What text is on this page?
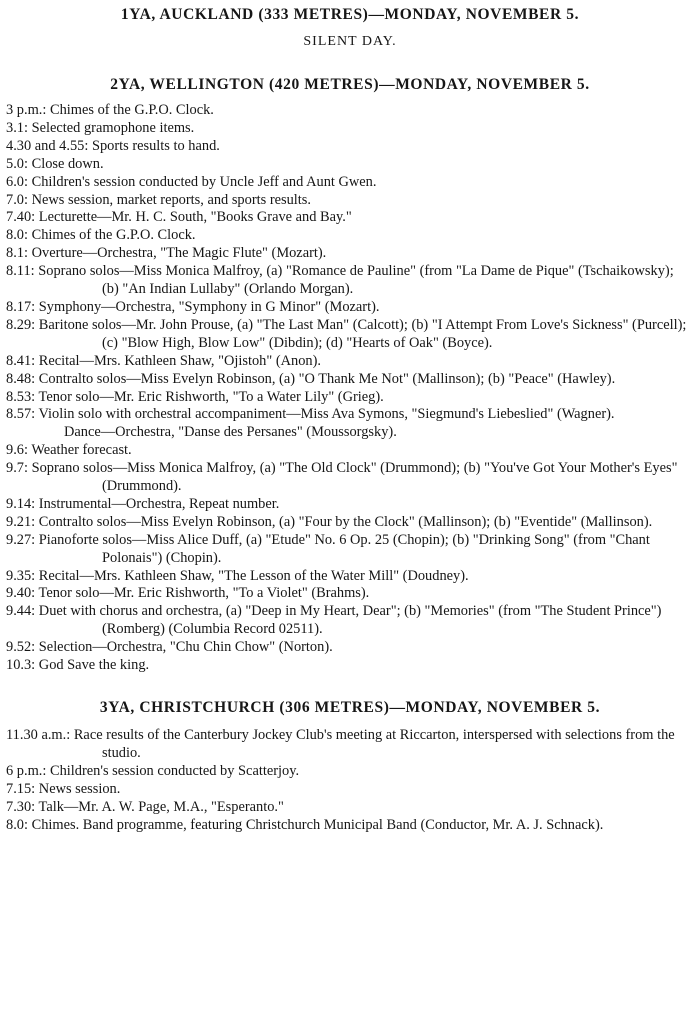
1YA, AUCKLAND (333 METRES)—MONDAY, NOVEMBER 5.
SILENT DAY.
2YA, WELLINGTON (420 METRES)—MONDAY, NOVEMBER 5.
3 p.m.: Chimes of the G.P.O. Clock.
3.1: Selected gramophone items.
4.30 and 4.55: Sports results to hand.
5.0: Close down.
6.0: Children's session conducted by Uncle Jeff and Aunt Gwen.
7.0: News session, market reports, and sports results.
7.40: Lecturette—Mr. H. C. South, "Books Grave and Bay."
8.0: Chimes of the G.P.O. Clock.
8.1: Overture—Orchestra, "The Magic Flute" (Mozart).
8.11: Soprano solos—Miss Monica Malfroy, (a) "Romance de Pauline" (from "La Dame de Pique" (Tschaikowsky); (b) "An Indian Lullaby" (Orlando Morgan).
8.17: Symphony—Orchestra, "Symphony in G Minor" (Mozart).
8.29: Baritone solos—Mr. John Prouse, (a) "The Last Man" (Calcott); (b) "I Attempt From Love's Sickness" (Purcell); (c) "Blow High, Blow Low" (Dibdin); (d) "Hearts of Oak" (Boyce).
8.41: Recital—Mrs. Kathleen Shaw, "Ojistoh" (Anon).
8.48: Contralto solos—Miss Evelyn Robinson, (a) "O Thank Me Not" (Mallinson); (b) "Peace" (Hawley).
8.53: Tenor solo—Mr. Eric Rishworth, "To a Water Lily" (Grieg).
8.57: Violin solo with orchestral accompaniment—Miss Ava Symons, "Siegmund's Liebeslied" (Wagner).
Dance—Orchestra, "Danse des Persanes" (Moussorgsky).
9.6: Weather forecast.
9.7: Soprano solos—Miss Monica Malfroy, (a) "The Old Clock" (Drummond); (b) "You've Got Your Mother's Eyes" (Drummond).
9.14: Instrumental—Orchestra, Repeat number.
9.21: Contralto solos—Miss Evelyn Robinson, (a) "Four by the Clock" (Mallinson); (b) "Eventide" (Mallinson).
9.27: Pianoforte solos—Miss Alice Duff, (a) "Etude" No. 6 Op. 25 (Chopin); (b) "Drinking Song" (from "Chant Polonais") (Chopin).
9.35: Recital—Mrs. Kathleen Shaw, "The Lesson of the Water Mill" (Doudney).
9.40: Tenor solo—Mr. Eric Rishworth, "To a Violet" (Brahms).
9.44: Duet with chorus and orchestra, (a) "Deep in My Heart, Dear"; (b) "Memories" (from "The Student Prince") (Romberg) (Columbia Record 02511).
9.52: Selection—Orchestra, "Chu Chin Chow" (Norton).
10.3: God Save the king.
3YA, CHRISTCHURCH (306 METRES)—MONDAY, NOVEMBER 5.
11.30 a.m.: Race results of the Canterbury Jockey Club's meeting at Riccarton, interspersed with selections from the studio.
6 p.m.: Children's session conducted by Scatterjoy.
7.15: News session.
7.30: Talk—Mr. A. W. Page, M.A., "Esperanto."
8.0: Chimes. Band programme, featuring Christchurch Municipal Band (Conductor, Mr. A. J. Schnack).
